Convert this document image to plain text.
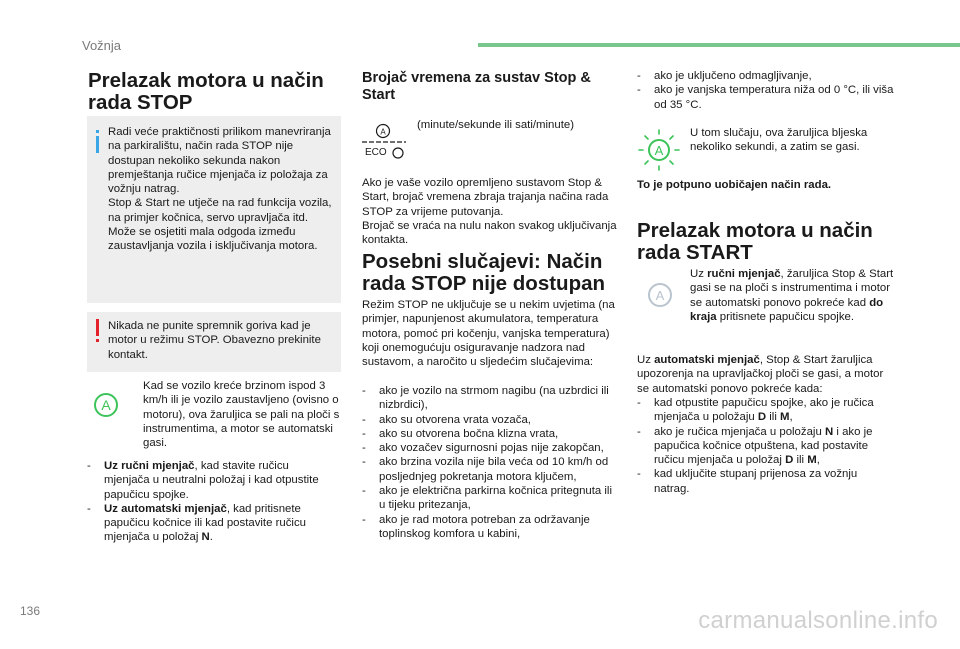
Vožnja
Prelazak motora u način rada STOP
Radi veće praktičnosti prilikom manevriranja na parkiralištu, način rada STOP nije dostupan nekoliko sekunda nakon premještanja ručice mjenjača iz položaja za vožnju natrag.
Stop & Start ne utječe na rad funkcija vozila, na primjer kočnica, servo upravljača itd.
Može se osjetiti mala odgoda između zaustavljanja vozila i isključivanja motora.
Nikada ne punite spremnik goriva kad je motor u režimu STOP. Obavezno prekinite kontakt.
A
Kad se vozilo kreće brzinom ispod 3 km/h ili je vozilo zaustavljeno (ovisno o motoru), ova žaruljica se pali na ploči s instrumentima, a motor se automatski gasi.
- Uz ručni mjenjač, kad stavite ručicu mjenjača u neutralni položaj i kad otpustite papučicu spojke.
- Uz automatski mjenjač, kad pritisnete papučicu kočnice ili kad postavite ručicu mjenjača u položaj N.
Brojač vremena za sustav Stop & Start
A
ECO
(minute/sekunde ili sati/minute)
Ako je vaše vozilo opremljeno sustavom Stop & Start, brojač vremena zbraja trajanja načina rada STOP za vrijeme putovanja.
Brojač se vraća na nulu nakon svakog uključivanja kontakta.
Posebni slučajevi: Način rada STOP nije dostupan
Režim STOP ne uključuje se u nekim uvjetima (na primjer, napunjenost akumulatora, temperatura motora, pomoć pri kočenju, vanjska temperatura) koji onemogućuju osiguravanje nadzora nad sustavom, a naročito u sljedećim slučajevima:
- ako je vozilo na strmom nagibu (na uzbrdici ili nizbrdici),
- ako su otvorena vrata vozača,
- ako su otvorena bočna klizna vrata,
- ako vozačev sigurnosni pojas nije zakopčan,
- ako brzina vozila nije bila veća od 10 km/h od posljednjeg pokretanja motora ključem,
- ako je električna parkirna kočnica pritegnuta ili u tijeku pritezanja,
- ako je rad motora potreban za održavanje toplinskog komfora u kabini,
- ako je uključeno odmagljivanje,
- ako je vanjska temperatura niža od 0 °C, ili viša od 35 °C.
A
U tom slučaju, ova žaruljica bljeska nekoliko sekundi, a zatim se gasi.
To je potpuno uobičajen način rada.
Prelazak motora u način rada START
A
Uz ručni mjenjač, žaruljica Stop & Start gasi se na ploči s instrumentima i motor se automatski ponovo pokreće kad do kraja pritisnete papučicu spojke.
Uz automatski mjenjač, Stop & Start žaruljica upozorenja na upravljačkoj ploči se gasi, a motor se automatski ponovo pokreće kada:
- kad otpustite papučicu spojke, ako je ručica mjenjača u položaju D ili M,
- ako je ručica mjenjača u položaju N i ako je papučica kočnice otpuštena, kad postavite ručicu mjenjača u položaj D ili M,
- kad uključite stupanj prijenosa za vožnju natrag.
136	carmanualsonline.info
